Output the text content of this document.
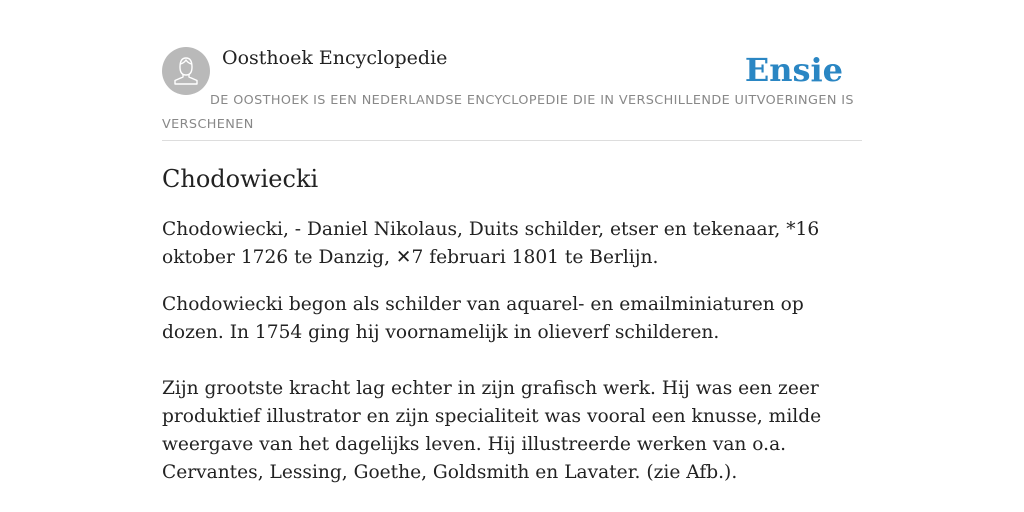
Oosthoek Encyclopedie	Ensie
DE OOSTHOEK IS EEN NEDERLANDSE ENCYCLOPEDIE DIE IN VERSCHILLENDE UITVOERINGEN IS VERSCHENEN
Chodowiecki

Chodowiecki, - Daniel Nikolaus, Duits schilder, etser en tekenaar, *16 oktober 1726 te Danzig, ✕7 februari 1801 te Berlijn.

Chodowiecki begon als schilder van aquarel- en emailminiaturen op dozen. In 1754 ging hij voornamelijk in olieverf schilderen.

Zijn grootste kracht lag echter in zijn grafisch werk. Hij was een zeer produktief illustrator en zijn specialiteit was vooral een knusse, milde weergave van het dagelijks leven. Hij illustreerde werken van o.a. Cervantes, Lessing, Goethe, Goldsmith en Lavater. (zie Afb.).
